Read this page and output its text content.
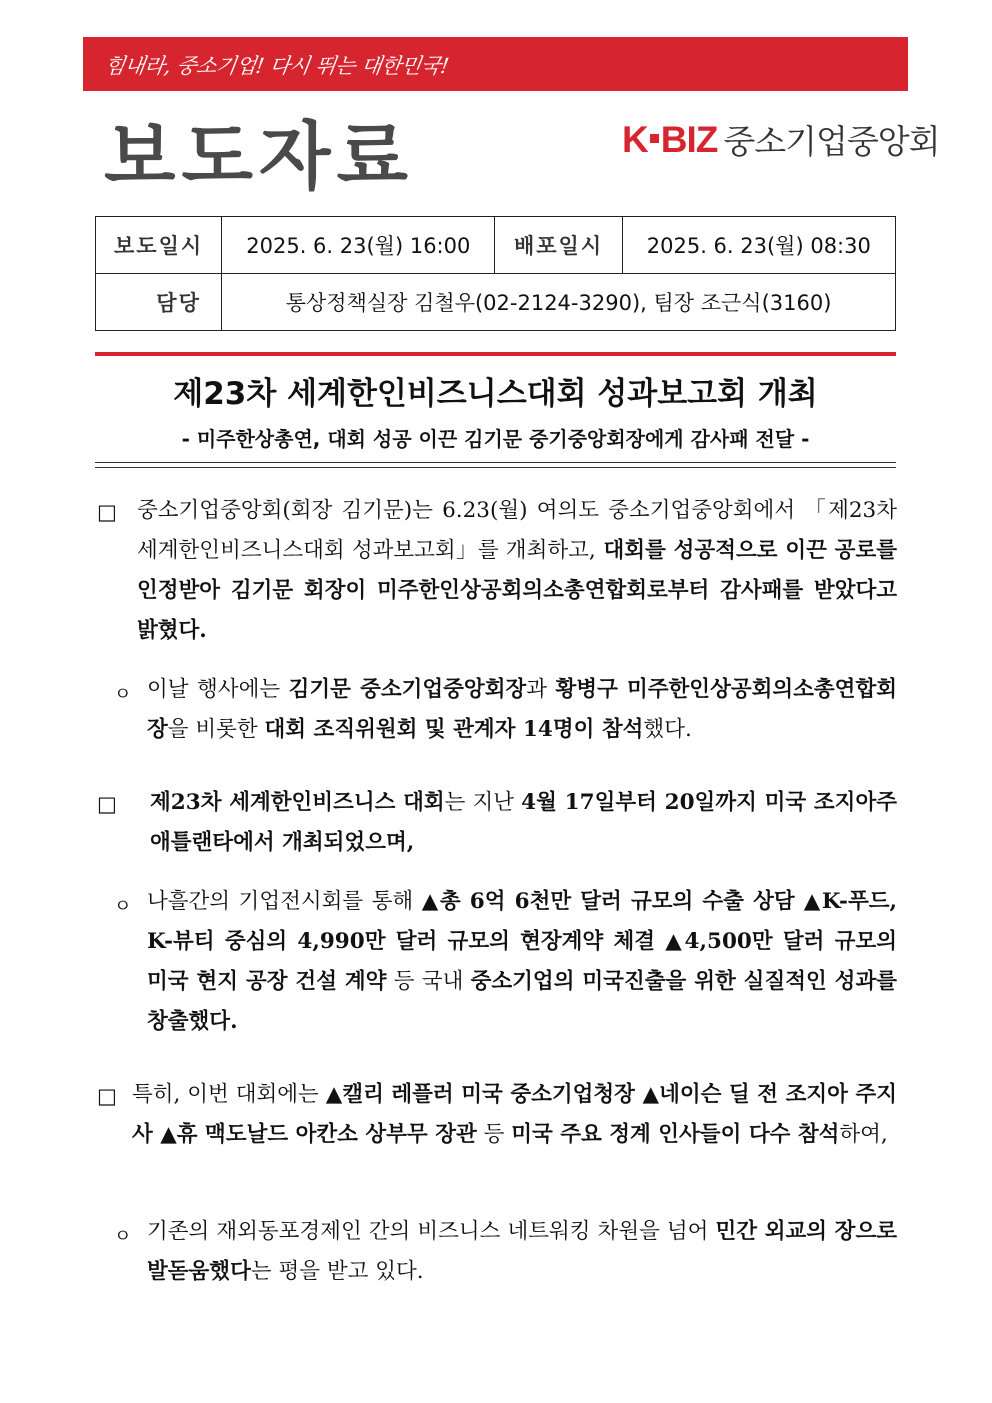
힘내라, 중소기업! 다시 뛰는 대한민국!
보도자료	K BIZ 중소기업중앙회
보도일시	2025. 6. 23(월) 16:00	배포일시	2025. 6. 23(월) 08:30
담당	통상정책실장 김철우(02-2124-3290), 팀장 조근식(3160)		
제23차 세계한인비즈니스대회 성과보고회 개최
- 미주한상총연, 대회 성공 이끈 김기문 중기중앙회장에게 감사패 전달 -
□ 중소기업중앙회(회장 김기문)는 6.23(월) 여의도 중소기업중앙회에서 「제23차 세계한인비즈니스대회 성과보고회」를 개최하고, 대회를 성공적으로 이끈 공로를 인정받아 김기문 회장이 미주한인상공회의소총연합회로부터 감사패를 받았다고 밝혔다.
ㅇ 이날 행사에는 김기문 중소기업중앙회장과 황병구 미주한인상공회의소총연합회장을 비롯한 대회 조직위원회 및 관계자 14명이 참석했다.
□ 제23차 세계한인비즈니스 대회는 지난 4월 17일부터 20일까지 미국 조지아주 애틀랜타에서 개최되었으며,
ㅇ 나흘간의 기업전시회를 통해 ▲총 6억 6천만 달러 규모의 수출 상담 ▲K-푸드, K-뷰티 중심의 4,990만 달러 규모의 현장계약 체결 ▲4,500만 달러 규모의 미국 현지 공장 건설 계약 등 국내 중소기업의 미국진출을 위한 실질적인 성과를 창출했다.
□ 특히, 이번 대회에는 ▲캘리 레플러 미국 중소기업청장 ▲네이슨 딜 전 조지아 주지사 ▲휴 맥도날드 아칸소 상부무 장관 등 미국 주요 정계 인사들이 다수 참석하여,
ㅇ 기존의 재외동포경제인 간의 비즈니스 네트워킹 차원을 넘어 민간 외교의 장으로 발돋움했다는 평을 받고 있다.
